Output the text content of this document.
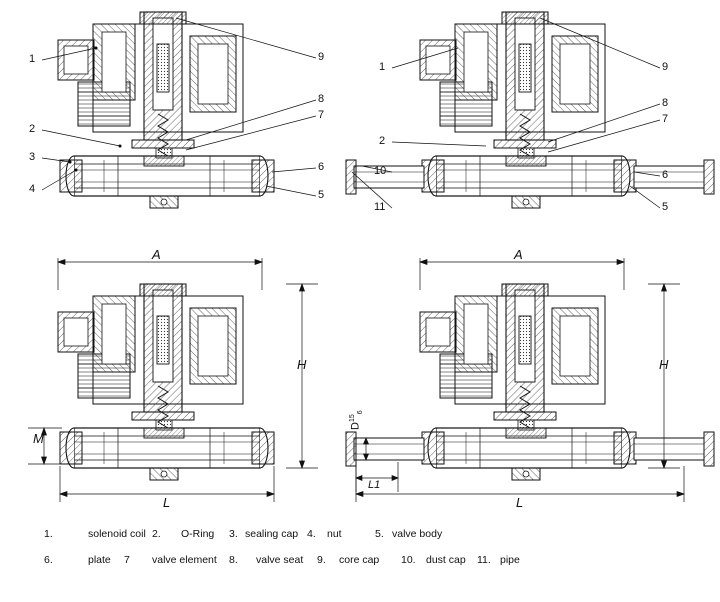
1
2
3
4
9
8
7
6
5
1
2
10
11
9
8
7
6
5
A
H
M
L
A
H
$D^{15}_6$
L1
L
1.	solenoid coil 2. O-Ring 3. sealing cap 4. nut	5. valve body
6.	plate 7 valve element 8. valve seat 9. core cap 10. dust cap 11. pipe
